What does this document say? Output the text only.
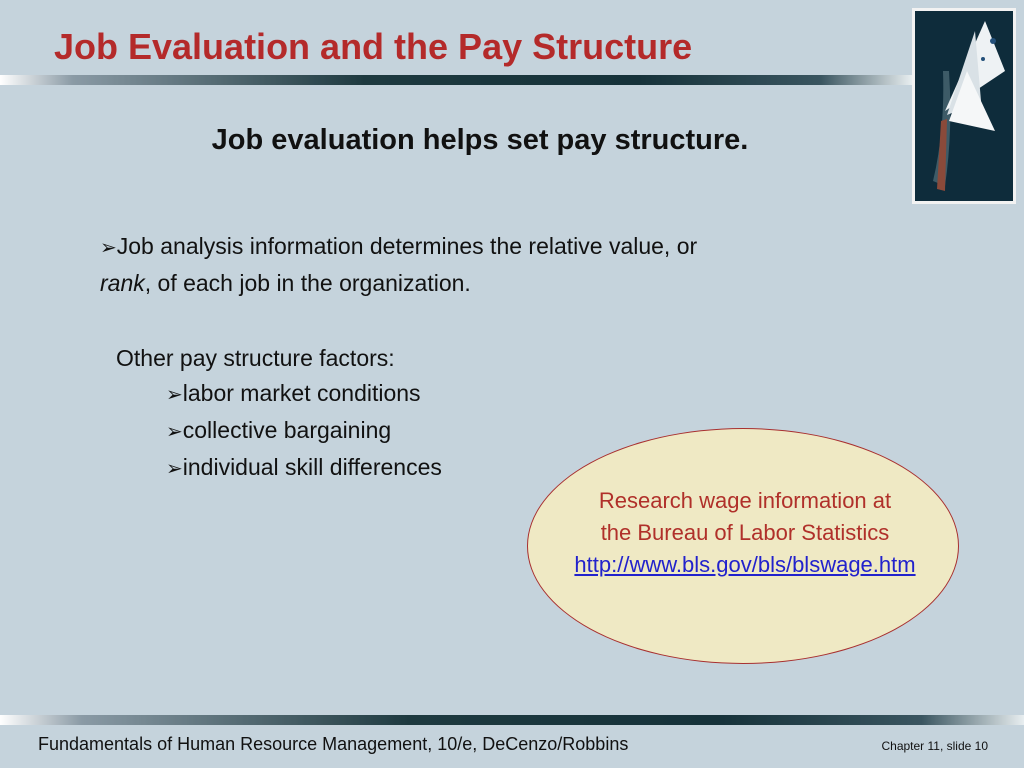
Job Evaluation and the Pay Structure
Job evaluation helps set pay structure.
➢Job analysis information determines the relative value, or
rank, of each job in the organization.
Other pay structure factors:
➢labor market conditions
➢collective bargaining
➢individual skill differences
Research wage information at
the Bureau of Labor Statistics
http://www.bls.gov/bls/blswage.htm
Fundamentals of Human Resource Management, 10/e, DeCenzo/Robbins	Chapter 11, slide 10
